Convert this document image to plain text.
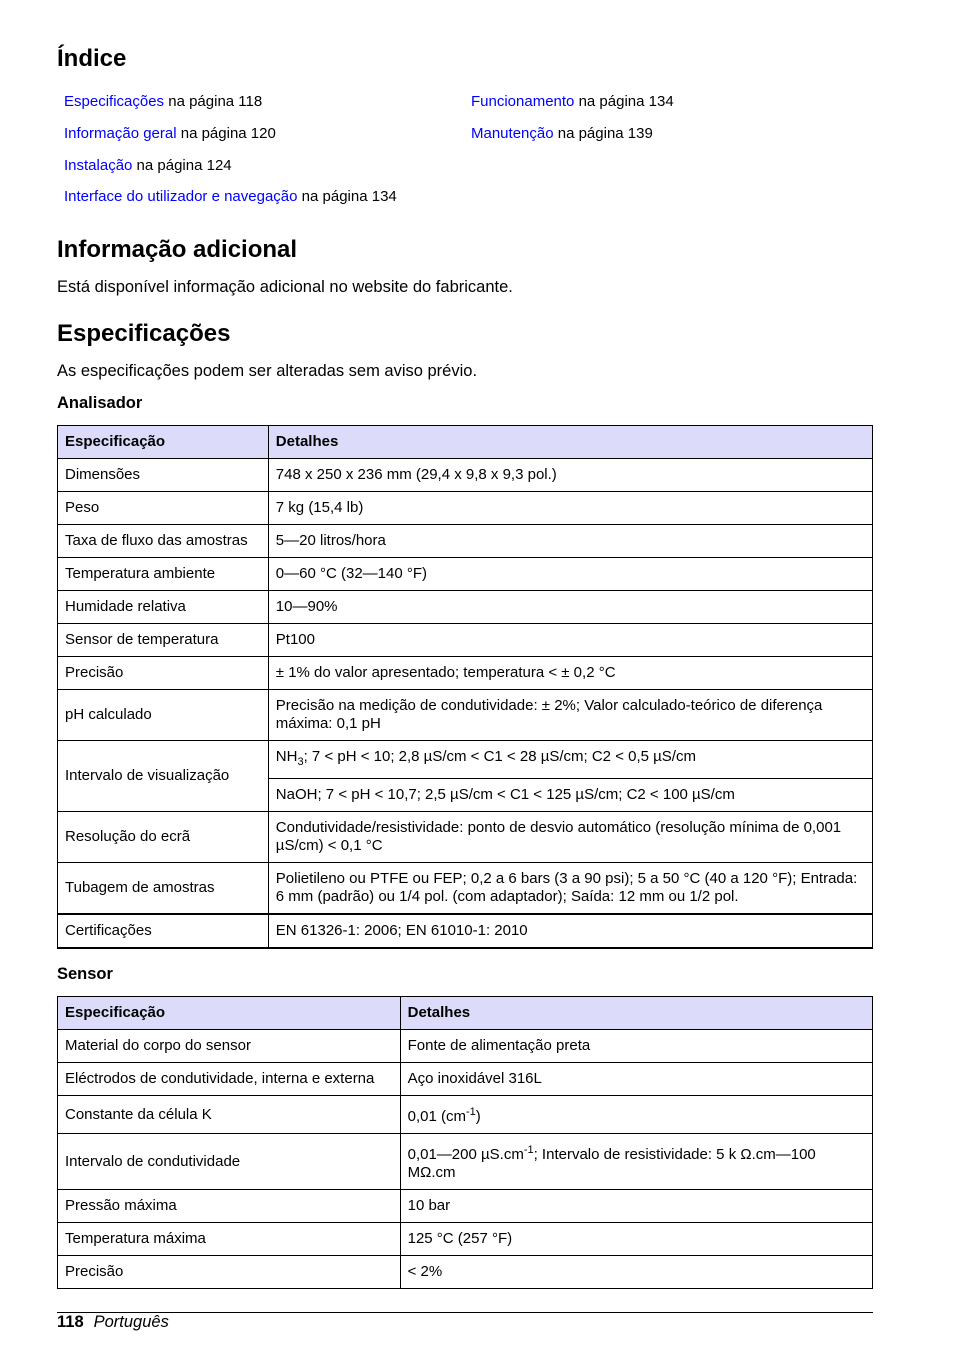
Índice
Especificações na página 118
Informação geral na página 120
Instalação na página 124
Interface do utilizador e navegação na página 134
Funcionamento na página 134
Manutenção na página 139
Informação adicional

Está disponível informação adicional no website do fabricante.

Especificações

As especificações podem ser alteradas sem aviso prévio.

Analisador
Especificação	Detalhes
Dimensões	748 x 250 x 236 mm (29,4 x 9,8 x 9,3 pol.)
Peso	7 kg (15,4 lb)
Taxa de fluxo das amostras	5—20 litros/hora
Temperatura ambiente	0—60 °C (32—140 °F)
Humidade relativa	10—90%
Sensor de temperatura	Pt100
Precisão	± 1% do valor apresentado; temperatura < ± 0,2 °C
pH calculado	Precisão na medição de condutividade: ± 2%; Valor calculado-teórico de diferença máxima: 0,1 pH
Intervalo de visualização	$NH_3$; 7 < pH < 10; 2,8 µS/cm < C1 < 28 µS/cm; C2 < 0,5 µS/cm
	NaOH; 7 < pH < 10,7; 2,5 µS/cm < C1 < 125 µS/cm; C2 < 100 µS/cm
Resolução do ecrã	Condutividade/resistividade: ponto de desvio automático (resolução mínima de 0,001 µS/cm) < 0,1 °C
Tubagem de amostras	Polietileno ou PTFE ou FEP; 0,2 a 6 bars (3 a 90 psi); 5 a 50 °C (40 a 120 °F); Entrada: 6 mm (padrão) ou 1/4 pol. (com adaptador); Saída: 12 mm ou 1/2 pol.
Certificações	EN 61326-1: 2006; EN 61010-1: 2010
Sensor
Especificação	Detalhes
Material do corpo do sensor	Fonte de alimentação preta
Eléctrodos de condutividade, interna e externa	Aço inoxidável 316L
Constante da célula K	0,01 $(cm^{-1})$
Intervalo de condutividade	0,01—200 $\mu S.cm^{-1}$; Intervalo de resistividade: 5 k Ω.cm—100 MΩ.cm
Pressão máxima	10 bar
Temperatura máxima	125 °C (257 °F)
Precisão	< 2%
118 Português
